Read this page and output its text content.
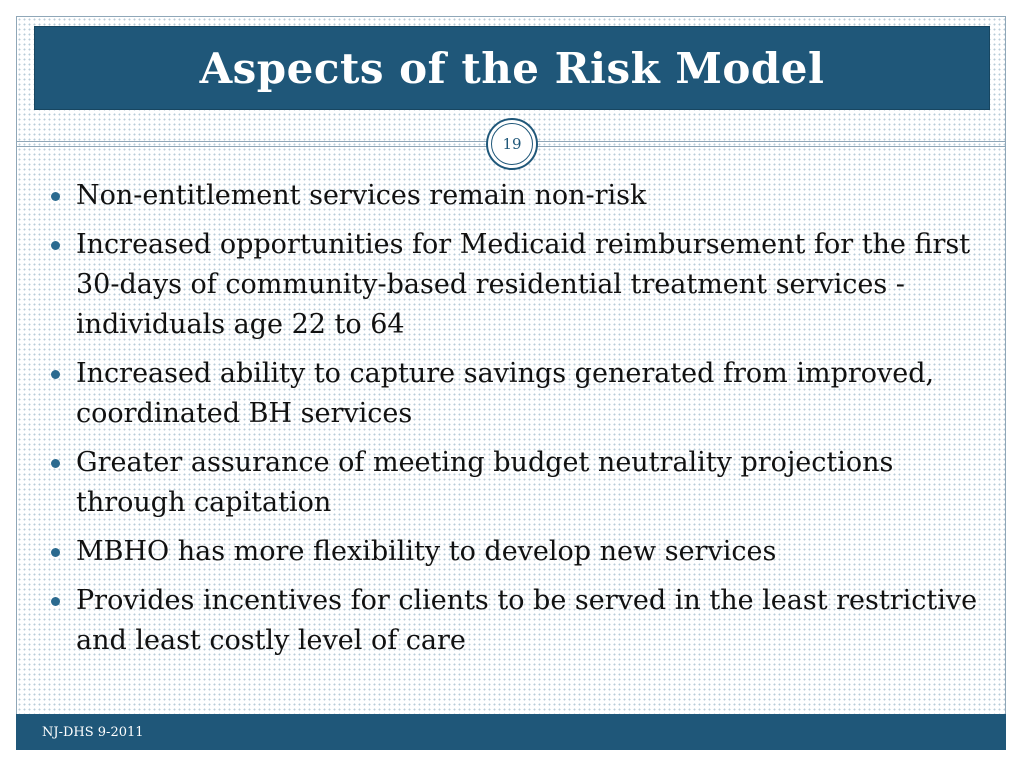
Aspects of the Risk Model
19
Non-entitlement services remain non-risk
Increased opportunities for Medicaid reimbursement for the first 30-days of community-based residential treatment services - individuals age 22 to 64
Increased ability to capture savings generated from improved, coordinated BH services
Greater assurance of meeting budget neutrality projections through capitation
MBHO has more flexibility to develop new services
Provides incentives for clients to be served in the least restrictive and least costly level of care
NJ-DHS 9-2011
